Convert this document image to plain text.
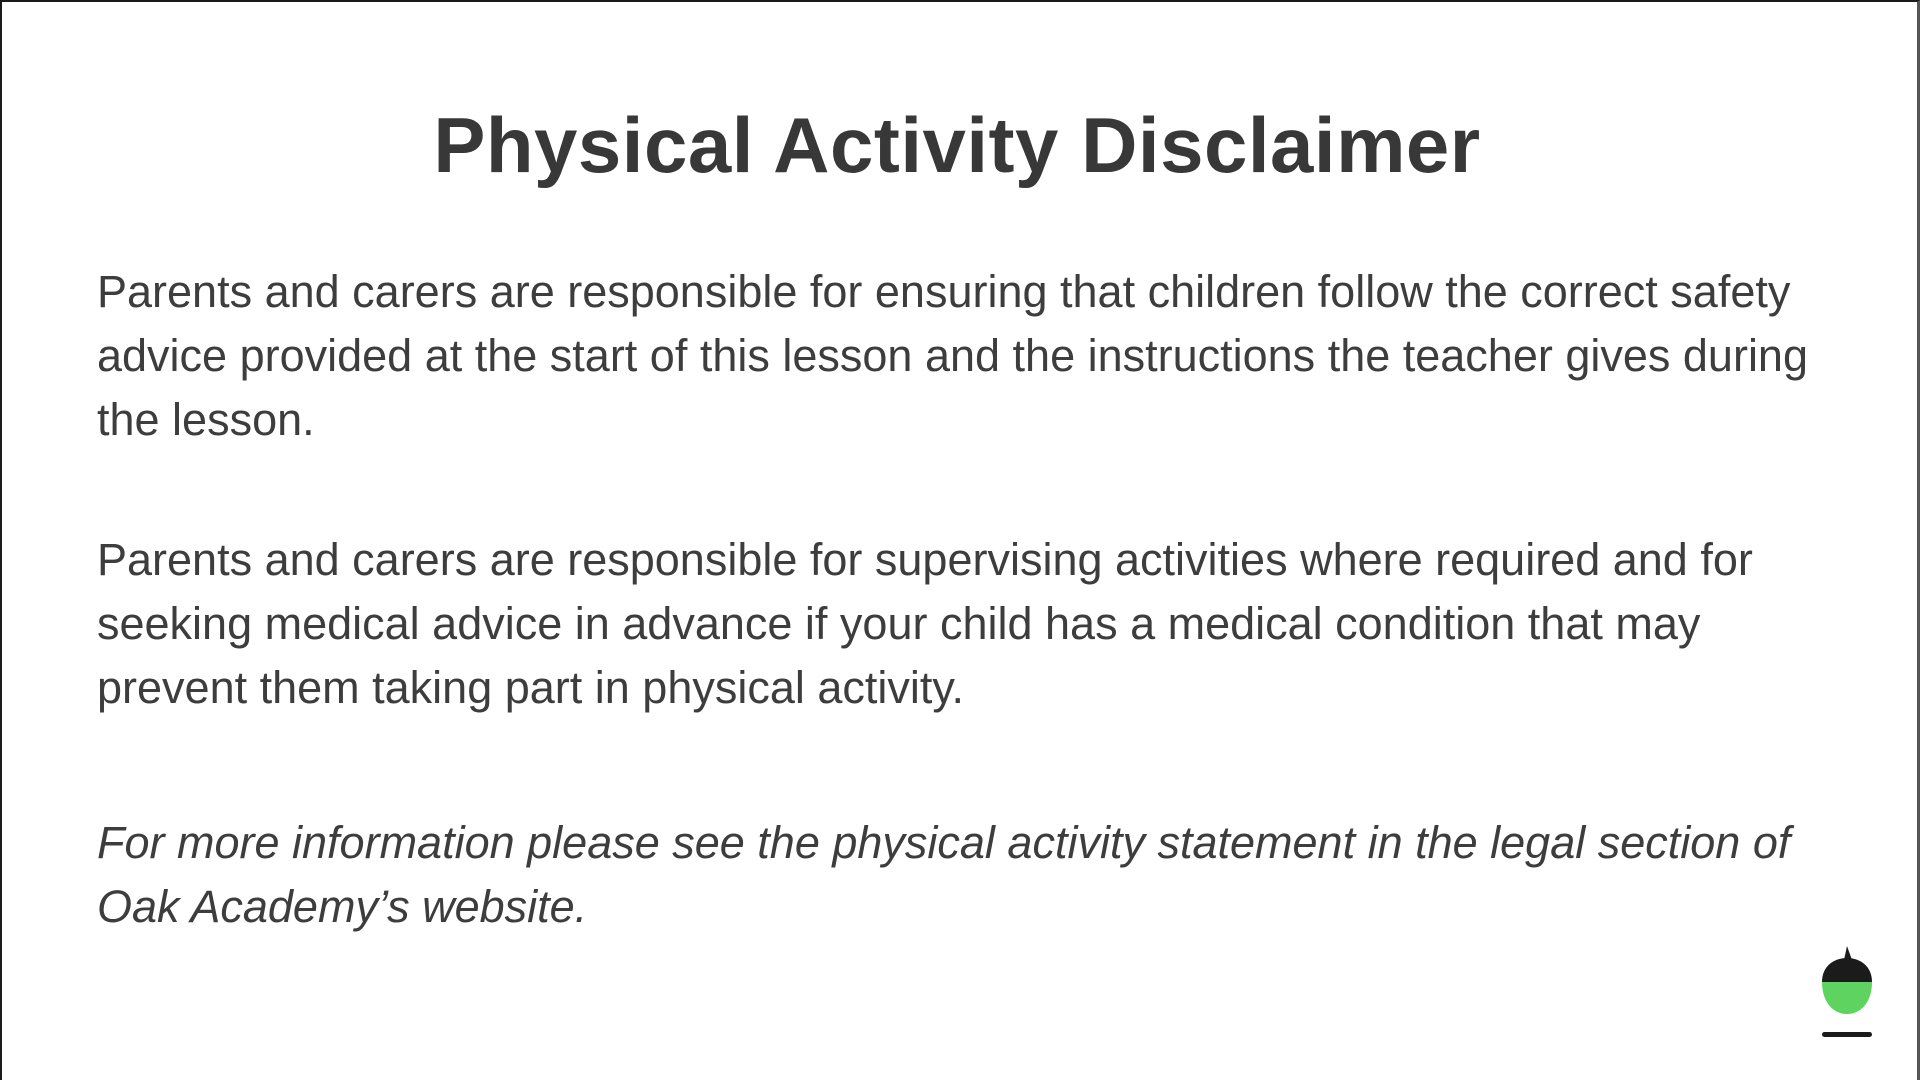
Physical Activity Disclaimer

Parents and carers are responsible for ensuring that children follow the correct safety advice provided at the start of this lesson and the instructions the teacher gives during the lesson.

Parents and carers are responsible for supervising activities where required and for seeking medical advice in advance if your child has a medical condition that may prevent them taking part in physical activity.

For more information please see the physical activity statement in the legal section of Oak Academy’s website.
